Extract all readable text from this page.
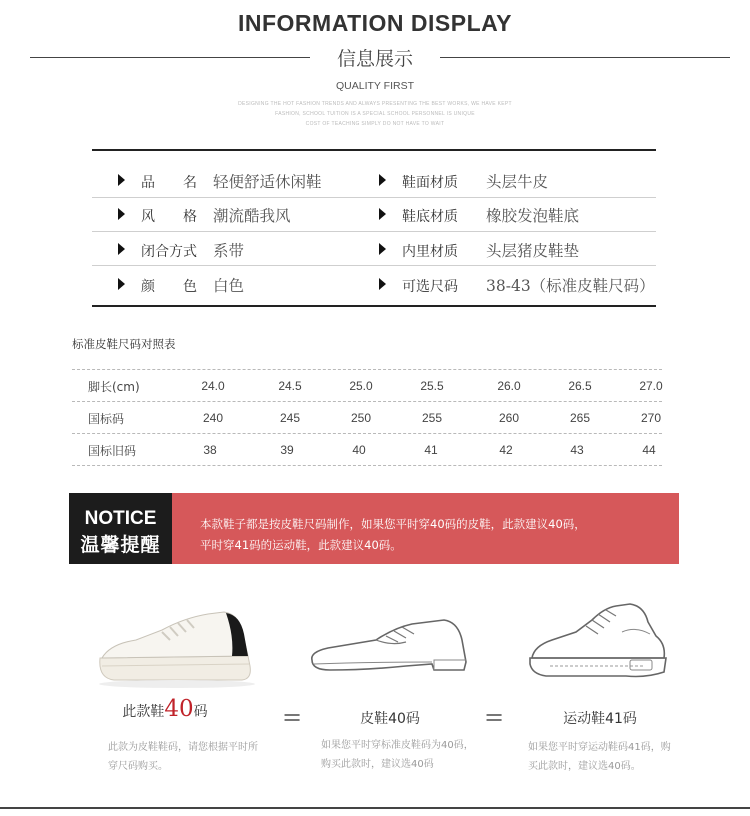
INFORMATION DISPLAY
信息展示
QUALITY FIRST
DESIGNING THE HOT FASHION TRENDS AND ALWAYS PRESENTING THE BEST WORKS, WE HAVE KEPT
FASHION, SCHOOL TUITION IS A SPECIAL SCHOOL PERSONNEL IS UNIQUE
COST OF TEACHING SIMPLY DO NOT HAVE TO WAIT
品　　名 轻便舒适休闲鞋	鞋面材质 头层牛皮
风　　格 潮流酷我风	鞋底材质 橡胶发泡鞋底
闭合方式 系带	内里材质 头层猪皮鞋垫
颜　　色 白色	可选尺码 38-43（标准皮鞋尺码）
标准皮鞋尺码对照表
脚长(cm)	24.0	24.5	25.0	25.5	26.0	26.5	27.0
国标码	240	245	250	255	260	265	270
国标旧码	38	39	40	41	42	43	44
NOTICE
温馨提醒
本款鞋子都是按皮鞋尺码制作，如果您平时穿40码的皮鞋，此款建议40码，
平时穿41码的运动鞋，此款建议40码。
此款鞋40码	=	皮鞋40码	=	运动鞋41码
此款为皮鞋鞋码，请您根据平时所
穿尺码购买。
如果您平时穿标准皮鞋码为40码，
购买此款时，建议选40码
如果您平时穿运动鞋码41码，购
买此款时，建议选40码。
